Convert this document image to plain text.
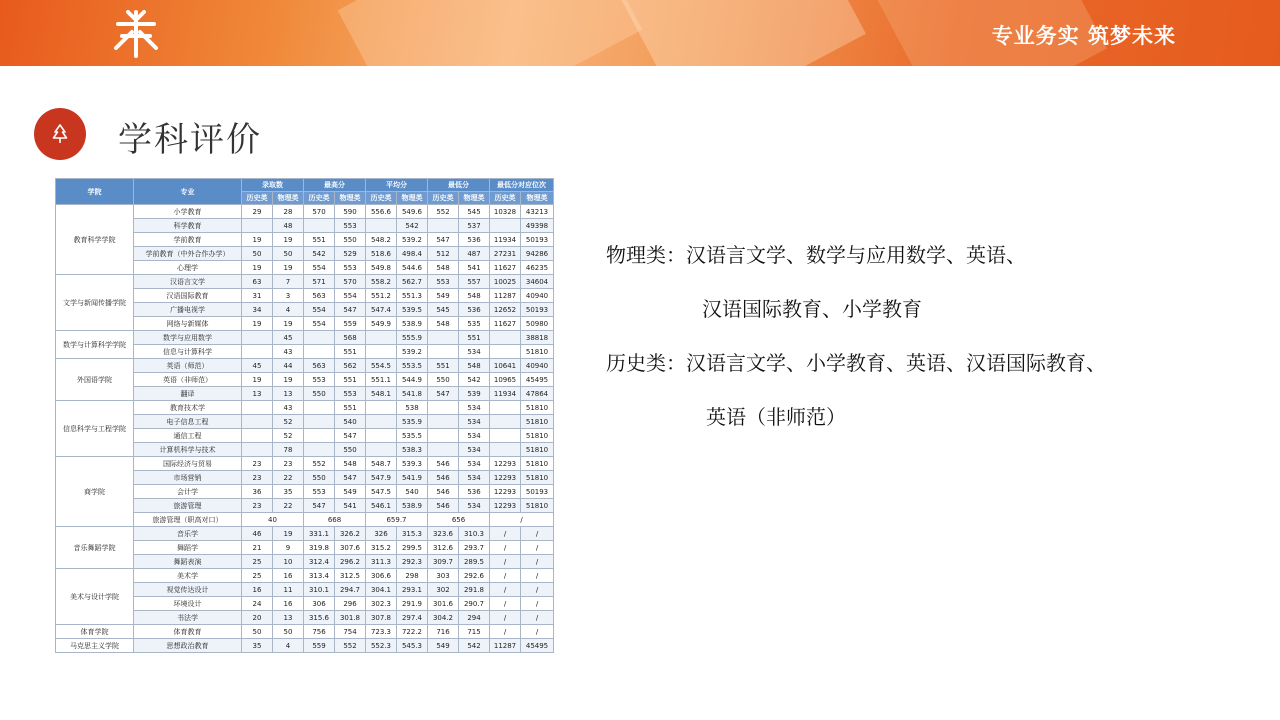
专业务实 筑梦未来
学科评价
学院	专业	录取数		最高分		平均分		最低分		最低分对应位次	
		历史类	物理类	历史类	物理类	历史类	物理类	历史类	物理类	历史类	物理类
教育科学学院	小学教育	29	28	570	590	556.6	549.6	552	545	10328	43213
	科学教育		48		553		542		537		49398
	学前教育	19	19	551	550	548.2	539.2	547	536	11934	50193
	学前教育（中外合作办学）	50	50	542	529	518.6	498.4	512	487	27231	94286
	心理学	19	19	554	553	549.8	544.6	548	541	11627	46235
文学与新闻传播学院	汉语言文学	63	7	571	570	558.2	562.7	553	557	10025	34604
	汉语国际教育	31	3	563	554	551.2	551.3	549	548	11287	40940
	广播电视学	34	4	554	547	547.4	539.5	545	536	12652	50193
	网络与新媒体	19	19	554	559	549.9	538.9	548	535	11627	50980
数学与计算科学学院	数学与应用数学		45		568		555.9		551		38818
	信息与计算科学		43		551		539.2		534		51810
外国语学院	英语（师范）	45	44	563	562	554.5	553.5	551	548	10641	40940
	英语（非师范）	19	19	553	551	551.1	544.9	550	542	10965	45495
	翻译	13	13	550	553	548.1	541.8	547	539	11934	47864
信息科学与工程学院	教育技术学		43		551		538		534		51810
	电子信息工程		52		540		535.9		534		51810
	通信工程		52		547		535.5		534		51810
	计算机科学与技术		78		550		538.3		534		51810
商学院	国际经济与贸易	23	23	552	548	548.7	539.3	546	534	12293	51810
	市场营销	23	22	550	547	547.9	541.9	546	534	12293	51810
	会计学	36	35	553	549	547.5	540	546	536	12293	50193
	旅游管理	23	22	547	541	546.1	538.9	546	534	12293	51810
	旅游管理（职高对口）	40		668		659.7		656		/	
音乐舞蹈学院	音乐学	46	19	331.1	326.2	326	315.3	323.6	310.3	/	/
	舞蹈学	21	9	319.8	307.6	315.2	299.5	312.6	293.7	/	/
	舞蹈表演	25	10	312.4	296.2	311.3	292.3	309.7	289.5	/	/
美术与设计学院	美术学	25	16	313.4	312.5	306.6	298	303	292.6	/	/
	视觉传达设计	16	11	310.1	294.7	304.1	293.1	302	291.8	/	/
	环境设计	24	16	306	296	302.3	291.9	301.6	290.7	/	/
	书法学	20	13	315.6	301.8	307.8	297.4	304.2	294	/	/
体育学院	体育教育	50	50	756	754	723.3	722.2	716	715	/	/
马克思主义学院	思想政治教育	35	4	559	552	552.3	545.3	549	542	11287	45495
物理类：汉语言文学、数学与应用数学、英语、
汉语国际教育、小学教育
历史类：汉语言文学、小学教育、英语、汉语国际教育、
英语（非师范）
